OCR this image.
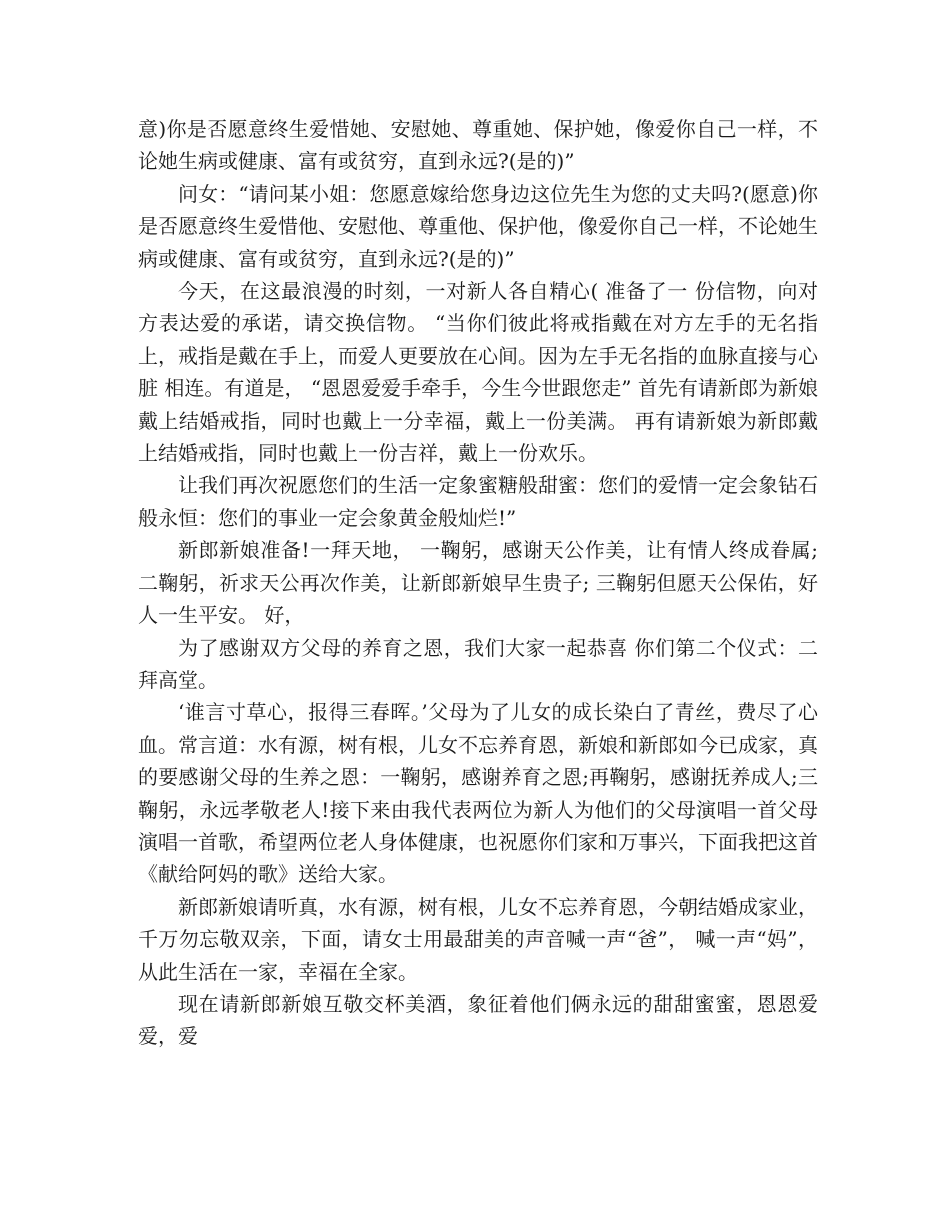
意)你是否愿意终生爱惜她、安慰她、尊重她、保护她，像爱你自己一样，不论她生病或健康、富有或贫穷，直到永远?(是的)”

问女：“请问某小姐：您愿意嫁给您身边这位先生为您的丈夫吗?(愿意)你是否愿意终生爱惜他、安慰他、尊重他、保护他，像爱你自己一样，不论她生病或健康、富有或贫穷，直到永远?(是的)”

今天，在这最浪漫的时刻，一对新人各自精心( 准备了一 份信物，向对方表达爱的承诺，请交换信物。 “当你们彼此将戒指戴在对方左手的无名指上，戒指是戴在手上，而爱人更要放在心间。因为左手无名指的血脉直接与心脏 相连。有道是， “恩恩爱爱手牵手，今生今世跟您走” 首先有请新郎为新娘戴上结婚戒指，同时也戴上一分幸福，戴上一份美满。 再有请新娘为新郎戴上结婚戒指，同时也戴上一份吉祥，戴上一份欢乐。

让我们再次祝愿您们的生活一定象蜜糖般甜蜜：您们的爱情一定会象钻石般永恒：您们的事业一定会象黄金般灿烂!”

新郎新娘准备!一拜天地， 一鞠躬，感谢天公作美，让有情人终成眷属; 二鞠躬，祈求天公再次作美，让新郎新娘早生贵子; 三鞠躬但愿天公保佑，好人一生平安。 好，

为了感谢双方父母的养育之恩，我们大家一起恭喜 你们第二个仪式：二拜高堂。

‘谁言寸草心，报得三春晖。’父母为了儿女的成长染白了青丝，费尽了心血。常言道：水有源，树有根，儿女不忘养育恩，新娘和新郎如今已成家，真的要感谢父母的生养之恩：一鞠躬，感谢养育之恩;再鞠躬，感谢抚养成人;三鞠躬，永远孝敬老人!接下来由我代表两位为新人为他们的父母演唱一首父母演唱一首歌，希望两位老人身体健康，也祝愿你们家和万事兴，下面我把这首《献给阿妈的歌》送给大家。

新郎新娘请听真，水有源，树有根，儿女不忘养育恩，今朝结婚成家业，千万勿忘敬双亲，下面，请女士用最甜美的声音喊一声“爸”， 喊一声“妈”，从此生活在一家，幸福在全家。

现在请新郎新娘互敬交杯美酒，象征着他们俩永远的甜甜蜜蜜，恩恩爱爱，爱
